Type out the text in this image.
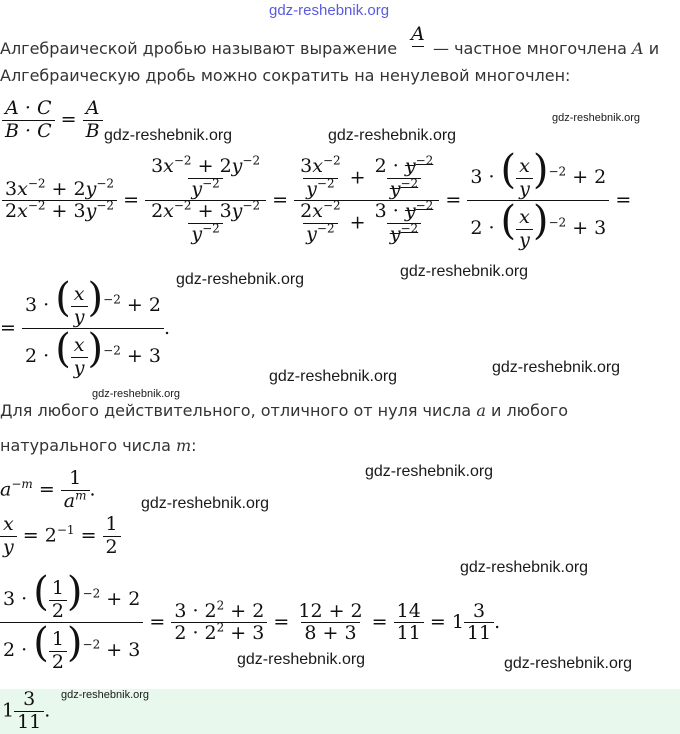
gdz-reshebnik.org
gdz-reshebnik.org
gdz-reshebnik.org	gdz-reshebnik.org
gdz-reshebnik.org
gdz-reshebnik.org
gdz-reshebnik.org
gdz-reshebnik.org
gdz-reshebnik.org
gdz-reshebnik.org
gdz-reshebnik.org
gdz-reshebnik.org
gdz-reshebnik.org	gdz-reshebnik.org
gdz-reshebnik.org
Алгебраической дробью называют выражение
A

— частное многочлена A и
Алгебраическую дробь можно сократить на ненулевой многочлен:
$\frac{A \cdot C}{B \cdot C} = \frac{A}{B}$
$\frac{3x^{-2} + 2y^{-2}}{2x^{-2} + 3y^{-2}} = \frac{\frac{3x^{-2} + 2y^{-2}}{y^{-2}}}{\frac{2x^{-2} + 3y^{-2}}{y^{-2}}} = \frac{\frac{3x^{-2}}{y^{-2}} + \frac{2 \cdot y^{-2}}{y^{-2}}}{\frac{2x^{-2}}{y^{-2}} + \frac{3 \cdot y^{-2}}{y^{-2}}} = \frac{3 \cdot ( \frac{x}{y} )^{-2} + 2}{2 \cdot ( \frac{x}{y} )^{-2} + 3}$ =
= $\frac{3 \cdot ( \frac{x}{y} )^{-2} + 2}{2 \cdot ( \frac{x}{y} )^{-2} + 3}$ .
Для любого действительного, отличного от нуля числа a и любого
натурального числа m:
$a^{-m} = \frac{1}{a^m}$ .
$\frac{x}{y} = 2^{-1} = \frac{1}{2}$
$\frac{3 \cdot ( \frac{1}{2} )^{-2} + 2}{2 \cdot ( \frac{1}{2} )^{-2} + 3} = \frac{3 \cdot 2^2 + 2}{2 \cdot 2^2 + 3} = \frac{12 + 2}{8 + 3} = \frac{14}{11} = 1 \frac{3}{11}$ .
$1 \frac{3}{11}$ .
